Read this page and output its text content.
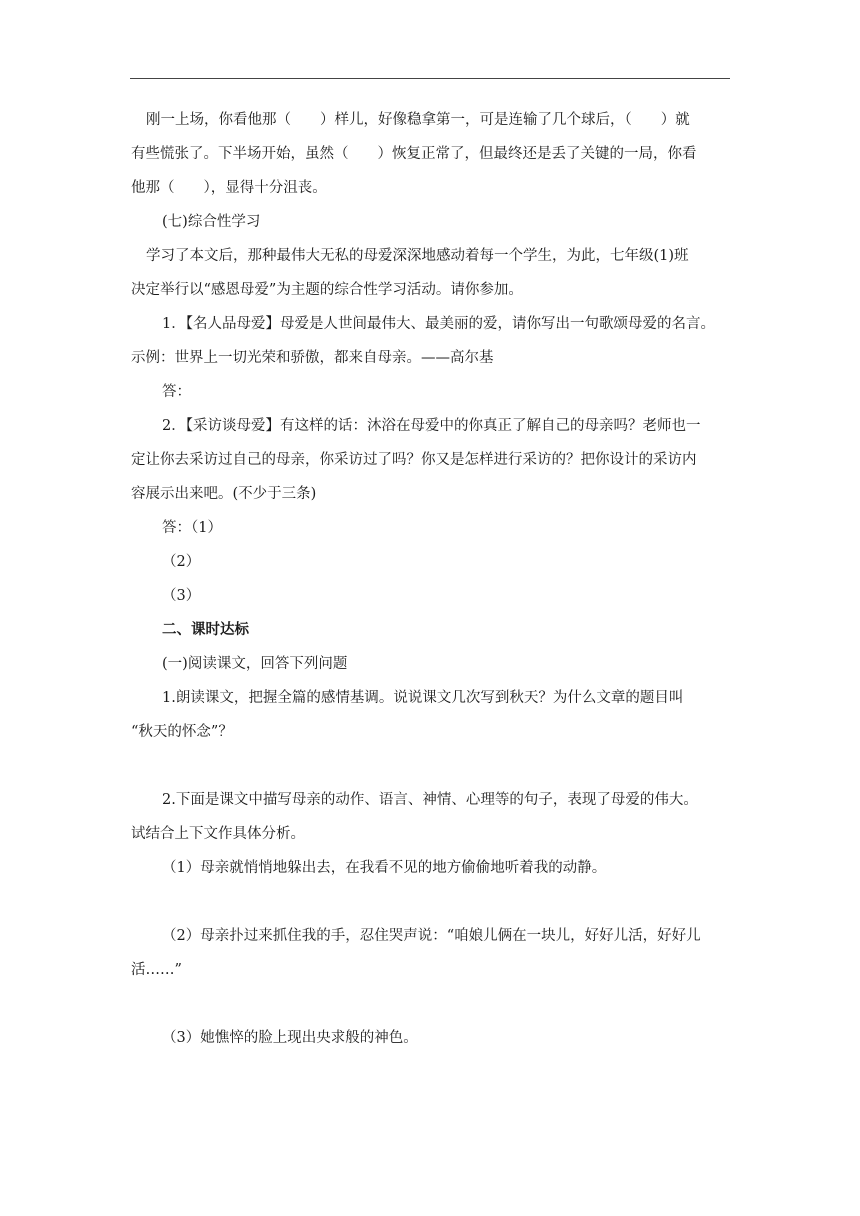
刚一上场，你看他那（　　）样儿，好像稳拿第一，可是连输了几个球后，（　　）就
有些慌张了。下半场开始，虽然（　　）恢复正常了，但最终还是丢了关键的一局，你看
他那（　　），显得十分沮丧。
(七)综合性学习
学习了本文后，那种最伟大无私的母爱深深地感动着每一个学生，为此，七年级(1)班
决定举行以“感恩母爱”为主题的综合性学习活动。请你参加。
1．【名人品母爱】母爱是人世间最伟大、最美丽的爱，请你写出一句歌颂母爱的名言。
示例：世界上一切光荣和骄傲，都来自母亲。——高尔基
答：
2．【采访谈母爱】有这样的话：沐浴在母爱中的你真正了解自己的母亲吗？老师也一
定让你去采访过自己的母亲，你采访过了吗？你又是怎样进行采访的？把你设计的采访内
容展示出来吧。(不少于三条)
答：（1）
（2）
（3）
二、课时达标
(一)阅读课文，回答下列问题
1.朗读课文，把握全篇的感情基调。说说课文几次写到秋天？为什么文章的题目叫
“秋天的怀念”？
2.下面是课文中描写母亲的动作、语言、神情、心理等的句子，表现了母爱的伟大。
试结合上下文作具体分析。
（1）母亲就悄悄地躲出去，在我看不见的地方偷偷地听着我的动静。
（2）母亲扑过来抓住我的手，忍住哭声说：“咱娘儿俩在一块儿，好好儿活，好好儿
活……”
（3）她憔悴的脸上现出央求般的神色。
